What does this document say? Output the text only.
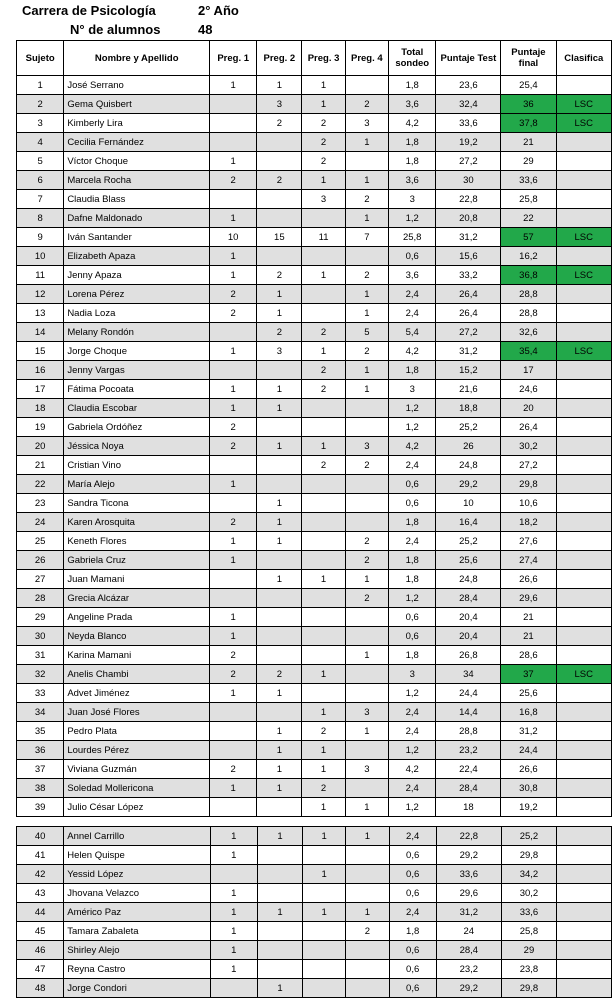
Carrera de Psicología	2° Año
N° de alumnos	48
Sujeto	Nombre y Apellido	Preg. 1	Preg. 2	Preg. 3	Preg. 4	Total sondeo	Puntaje Test	Puntaje final	Clasifica
1	José Serrano	1	1	1		1,8	23,6	25,4	
2	Gema Quisbert		3	1	2	3,6	32,4	36	LSC
3	Kimberly Lira		2	2	3	4,2	33,6	37,8	LSC
4	Cecilia Fernández			2	1	1,8	19,2	21	
5	Víctor Choque	1		2		1,8	27,2	29	
6	Marcela Rocha	2	2	1	1	3,6	30	33,6	
7	Claudia Blass			3	2	3	22,8	25,8	
8	Dafne Maldonado	1			1	1,2	20,8	22	
9	Iván Santander	10	15	11	7	25,8	31,2	57	LSC
10	Elizabeth Apaza	1				0,6	15,6	16,2	
11	Jenny Apaza	1	2	1	2	3,6	33,2	36,8	LSC
12	Lorena Pérez	2	1		1	2,4	26,4	28,8	
13	Nadia Loza	2	1		1	2,4	26,4	28,8	
14	Melany Rondón		2	2	5	5,4	27,2	32,6	
15	Jorge Choque	1	3	1	2	4,2	31,2	35,4	LSC
16	Jenny Vargas			2	1	1,8	15,2	17	
17	Fátima Pocoata	1	1	2	1	3	21,6	24,6	
18	Claudia Escobar	1	1			1,2	18,8	20	
19	Gabriela Ordóñez	2				1,2	25,2	26,4	
20	Jéssica Noya	2	1	1	3	4,2	26	30,2	
21	Cristian Vino			2	2	2,4	24,8	27,2	
22	María Alejo	1				0,6	29,2	29,8	
23	Sandra Ticona		1			0,6	10	10,6	
24	Karen Arosquita	2	1			1,8	16,4	18,2	
25	Keneth Flores	1	1		2	2,4	25,2	27,6	
26	Gabriela Cruz	1			2	1,8	25,6	27,4	
27	Juan Mamani		1	1	1	1,8	24,8	26,6	
28	Grecia Alcázar				2	1,2	28,4	29,6	
29	Angeline Prada	1				0,6	20,4	21	
30	Neyda Blanco	1				0,6	20,4	21	
31	Karina Mamani	2			1	1,8	26,8	28,6	
32	Anelis Chambi	2	2	1		3	34	37	LSC
33	Advet Jiménez	1	1			1,2	24,4	25,6	
34	Juan José Flores			1	3	2,4	14,4	16,8	
35	Pedro Plata		1	2	1	2,4	28,8	31,2	
36	Lourdes Pérez		1	1		1,2	23,2	24,4	
37	Viviana Guzmán	2	1	1	3	4,2	22,4	26,6	
38	Soledad Mollericona	1	1	2		2,4	28,4	30,8	
39	Julio César López			1	1	1,2	18	19,2	
40	Annel Carrillo	1	1	1	1	2,4	22,8	25,2	
41	Helen Quispe	1				0,6	29,2	29,8	
42	Yessid López			1		0,6	33,6	34,2	
43	Jhovana Velazco	1				0,6	29,6	30,2	
44	Américo Paz	1	1	1	1	2,4	31,2	33,6	
45	Tamara Zabaleta	1			2	1,8	24	25,8	
46	Shirley Alejo	1				0,6	28,4	29	
47	Reyna Castro	1				0,6	23,2	23,8	
48	Jorge Condori		1			0,6	29,2	29,8	
